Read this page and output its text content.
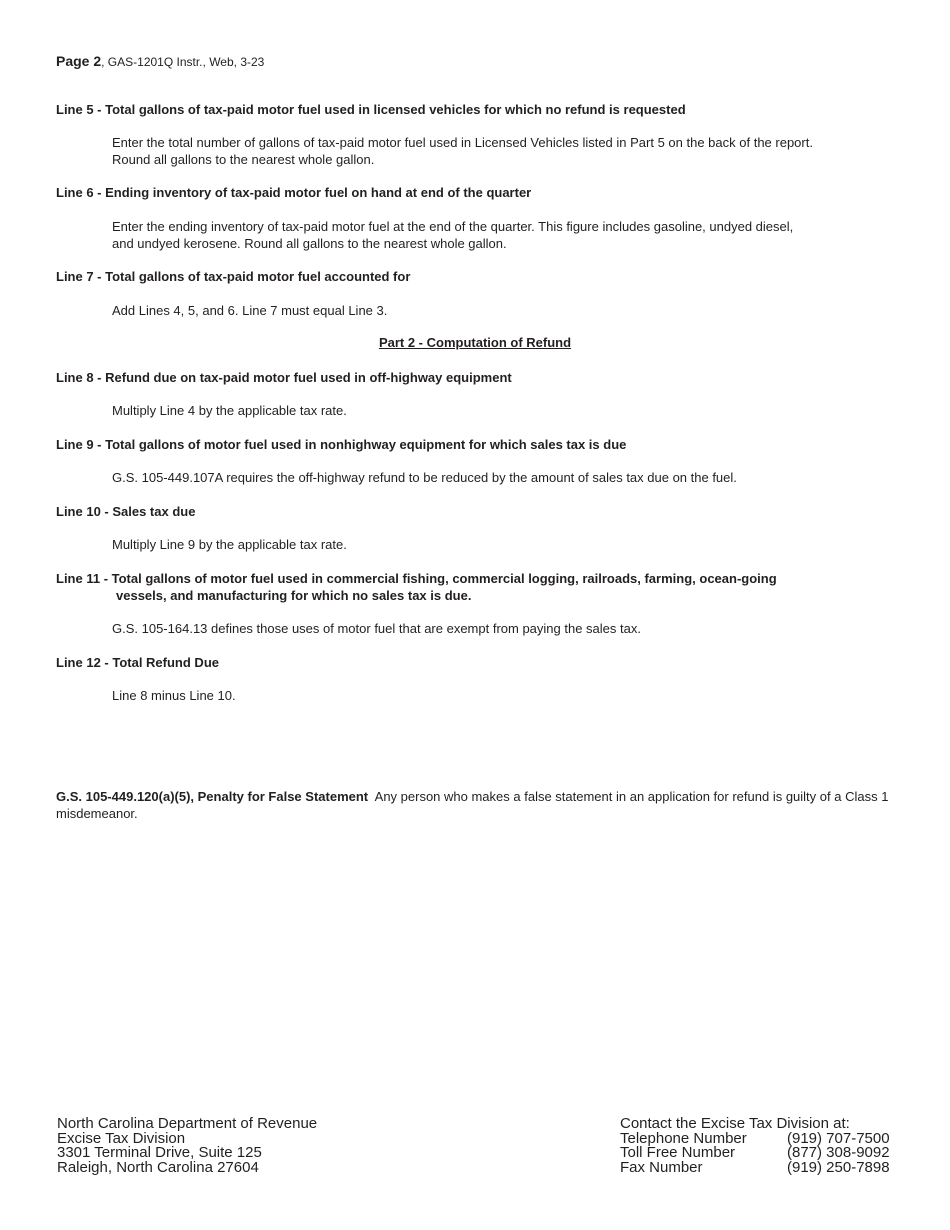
Page 2, GAS-1201Q Instr., Web, 3-23
Line 5 - Total gallons of tax-paid motor fuel used in licensed vehicles for which no refund is requested
Enter the total number of gallons of tax-paid motor fuel used in Licensed Vehicles listed in Part 5 on the back of the report.
Round all gallons to the nearest whole gallon.
Line 6 - Ending inventory of tax-paid motor fuel on hand at end of the quarter
Enter the ending inventory of tax-paid motor fuel at the end of the quarter. This figure includes gasoline, undyed diesel,
and undyed kerosene. Round all gallons to the nearest whole gallon.
Line 7 - Total gallons of tax-paid motor fuel accounted for
Add Lines 4, 5, and 6. Line 7 must equal Line 3.
Part 2 - Computation of Refund
Line 8 - Refund due on tax-paid motor fuel used in off-highway equipment
Multiply Line 4 by the applicable tax rate.
Line 9 - Total gallons of motor fuel used in nonhighway equipment for which sales tax is due
G.S. 105-449.107A requires the off-highway refund to be reduced by the amount of sales tax due on the fuel.
Line 10 - Sales tax due
Multiply Line 9 by the applicable tax rate.
Line 11 - Total gallons of motor fuel used in commercial fishing, commercial logging, railroads, farming, ocean-going
vessels, and manufacturing for which no sales tax is due.
G.S. 105-164.13 defines those uses of motor fuel that are exempt from paying the sales tax.
Line 12 - Total Refund Due
Line 8 minus Line 10.
G.S. 105-449.120(a)(5), Penalty for False Statement  Any person who makes a false statement in an application for refund is guilty of a Class 1 misdemeanor.
North Carolina Department of Revenue
Excise Tax Division
3301 Terminal Drive, Suite 125
Raleigh, North Carolina 27604
Contact the Excise Tax Division at:
Telephone Number	(919) 707-7500
Toll Free Number	(877) 308-9092
Fax Number	(919) 250-7898
